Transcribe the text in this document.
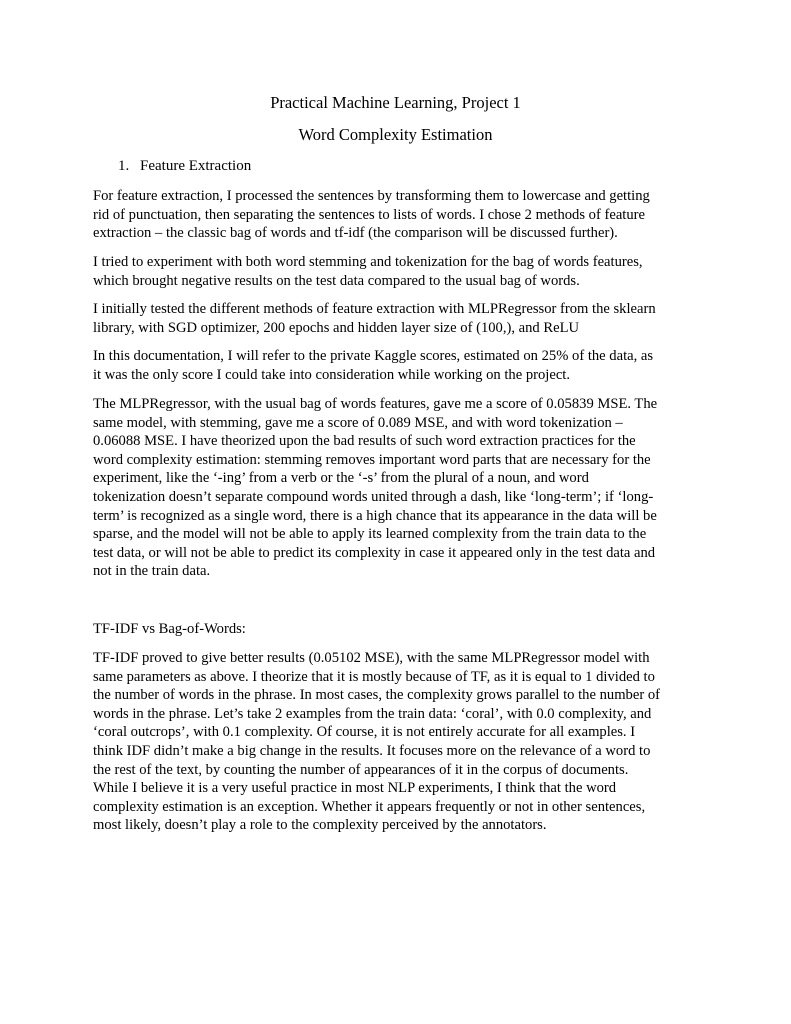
Practical Machine Learning, Project 1
Word Complexity Estimation
1. Feature Extraction

For feature extraction, I processed the sentences by transforming them to lowercase and getting
rid of punctuation, then separating the sentences to lists of words. I chose 2 methods of feature
extraction – the classic bag of words and tf-idf (the comparison will be discussed further).

I tried to experiment with both word stemming and tokenization for the bag of words features,
which brought negative results on the test data compared to the usual bag of words.

I initially tested the different methods of feature extraction with MLPRegressor from the sklearn
library, with SGD optimizer, 200 epochs and hidden layer size of (100,), and ReLU

In this documentation, I will refer to the private Kaggle scores, estimated on 25% of the data, as
it was the only score I could take into consideration while working on the project.

The MLPRegressor, with the usual bag of words features, gave me a score of 0.05839 MSE. The
same model, with stemming, gave me a score of 0.089 MSE, and with word tokenization –
0.06088 MSE. I have theorized upon the bad results of such word extraction practices for the
word complexity estimation: stemming removes important word parts that are necessary for the
experiment, like the ‘-ing’ from a verb or the ‘-s’ from the plural of a noun, and word
tokenization doesn’t separate compound words united through a dash, like ‘long-term’; if ‘long-
term’ is recognized as a single word, there is a high chance that its appearance in the data will be
sparse, and the model will not be able to apply its learned complexity from the train data to the
test data, or will not be able to predict its complexity in case it appeared only in the test data and
not in the train data.

TF-IDF vs Bag-of-Words:

TF-IDF proved to give better results (0.05102 MSE), with the same MLPRegressor model with
same parameters as above. I theorize that it is mostly because of TF, as it is equal to 1 divided to
the number of words in the phrase. In most cases, the complexity grows parallel to the number of
words in the phrase. Let’s take 2 examples from the train data: ‘coral’, with 0.0 complexity, and
‘coral outcrops’, with 0.1 complexity. Of course, it is not entirely accurate for all examples. I
think IDF didn’t make a big change in the results. It focuses more on the relevance of a word to
the rest of the text, by counting the number of appearances of it in the corpus of documents.
While I believe it is a very useful practice in most NLP experiments, I think that the word
complexity estimation is an exception. Whether it appears frequently or not in other sentences,
most likely, doesn’t play a role to the complexity perceived by the annotators.
